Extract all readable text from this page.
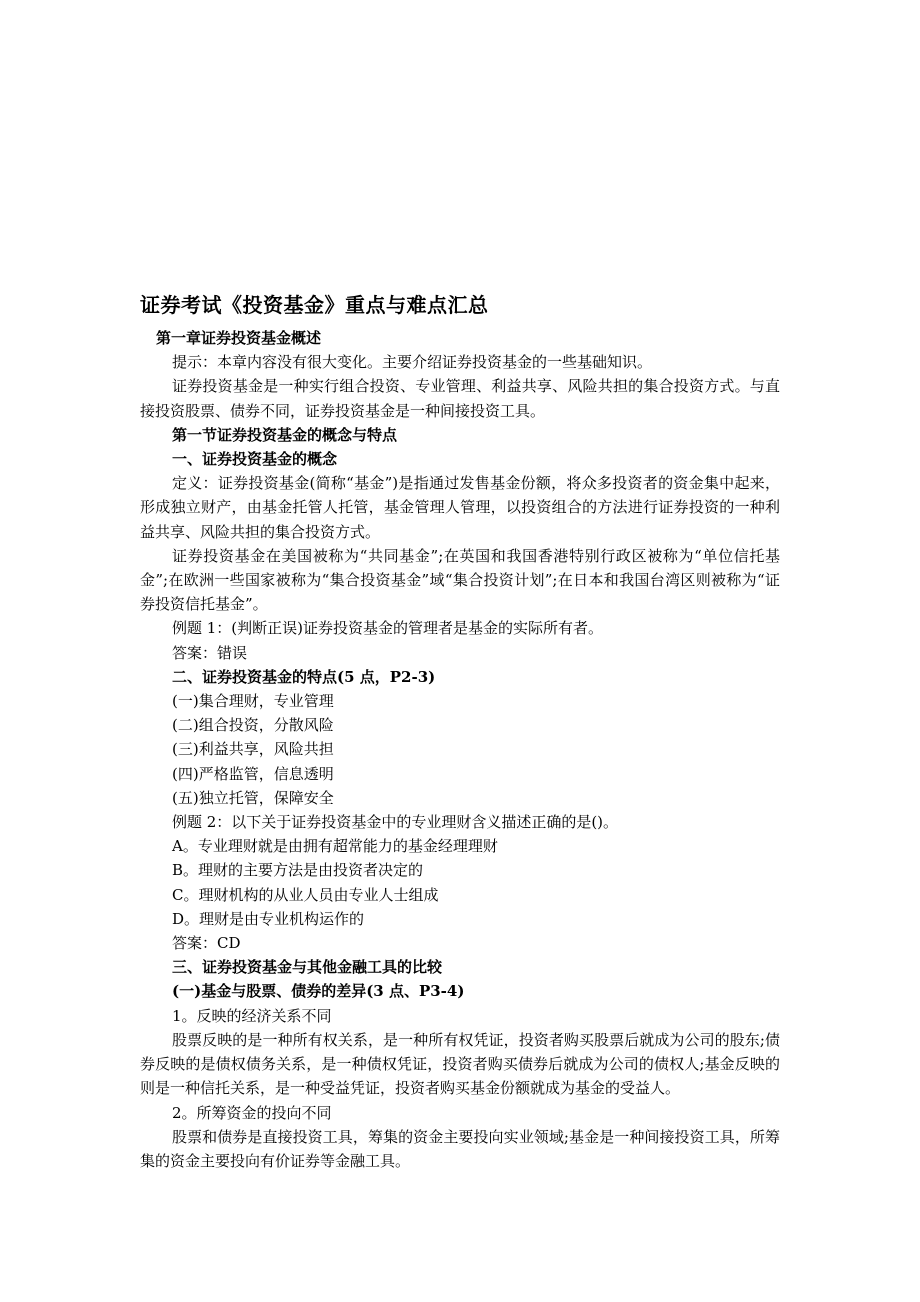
证券考试《投资基金》重点与难点汇总

第一章证券投资基金概述

提示：本章内容没有很大变化。主要介绍证券投资基金的一些基础知识。

证券投资基金是一种实行组合投资、专业管理、利益共享、风险共担的集合投资方式。与直接投资股票、债券不同，证券投资基金是一种间接投资工具。

第一节证券投资基金的概念与特点

一、证券投资基金的概念

定义：证券投资基金(简称“基金”)是指通过发售基金份额，将众多投资者的资金集中起来，形成独立财产，由基金托管人托管，基金管理人管理，以投资组合的方法进行证券投资的一种利益共享、风险共担的集合投资方式。

证券投资基金在美国被称为“共同基金”;在英国和我国香港特别行政区被称为“单位信托基金”;在欧洲一些国家被称为“集合投资基金”域“集合投资计划”;在日本和我国台湾区则被称为“证券投资信托基金”。

例题 1：(判断正误)证券投资基金的管理者是基金的实际所有者。

答案：错误

二、证券投资基金的特点(5 点，P2-3)

(一)集合理财，专业管理

(二)组合投资，分散风险

(三)利益共享，风险共担

(四)严格监管，信息透明

(五)独立托管，保障安全

例题 2：以下关于证券投资基金中的专业理财含义描述正确的是()。

A。专业理财就是由拥有超常能力的基金经理理财

B。理财的主要方法是由投资者决定的

C。理财机构的从业人员由专业人士组成

D。理财是由专业机构运作的

答案：CD

三、证券投资基金与其他金融工具的比较

(一)基金与股票、债券的差异(3 点、P3-4)

1。反映的经济关系不同

股票反映的是一种所有权关系，是一种所有权凭证，投资者购买股票后就成为公司的股东;债券反映的是债权债务关系，是一种债权凭证，投资者购买债券后就成为公司的债权人;基金反映的则是一种信托关系，是一种受益凭证，投资者购买基金份额就成为基金的受益人。

2。所筹资金的投向不同

股票和债券是直接投资工具，筹集的资金主要投向实业领域;基金是一种间接投资工具，所筹集的资金主要投向有价证券等金融工具。
